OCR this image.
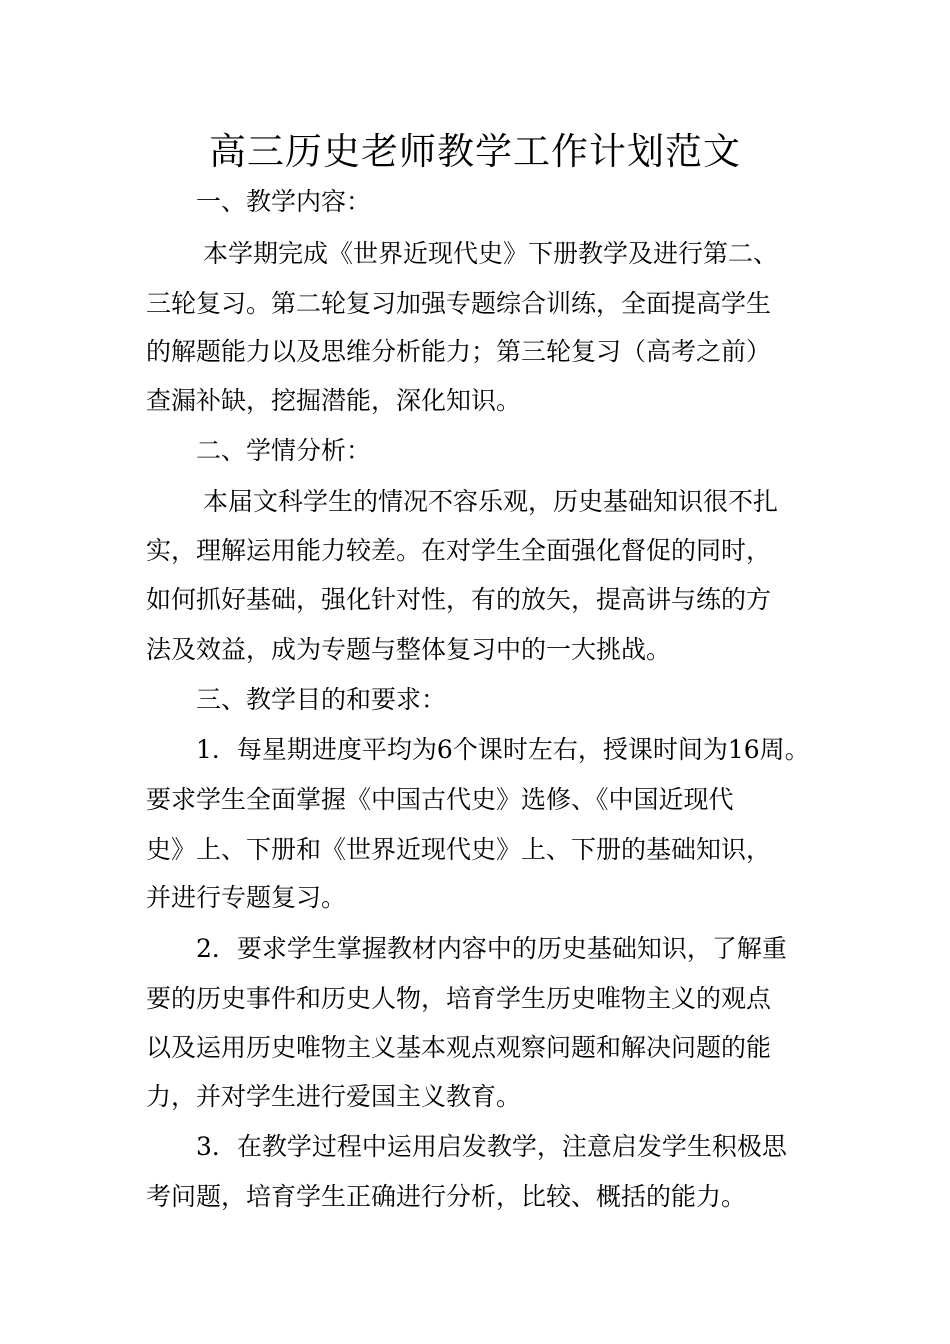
高三历史老师教学工作计划范文

一、教学内容：

本学期完成《世界近现代史》下册教学及进行第二、

三轮复习。第二轮复习加强专题综合训练，全面提高学生

的解题能力以及思维分析能力；第三轮复习（高考之前）

查漏补缺，挖掘潜能，深化知识。

二、学情分析：

本届文科学生的情况不容乐观，历史基础知识很不扎

实，理解运用能力较差。在对学生全面强化督促的同时，

如何抓好基础，强化针对性，有的放矢，提高讲与练的方

法及效益，成为专题与整体复习中的一大挑战。

三、教学目的和要求：

1．每星期进度平均为6个课时左右，授课时间为16周。

要求学生全面掌握《中国古代史》选修、《中国近现代

史》上、下册和《世界近现代史》上、下册的基础知识，

并进行专题复习。

2．要求学生掌握教材内容中的历史基础知识，了解重

要的历史事件和历史人物，培育学生历史唯物主义的观点

以及运用历史唯物主义基本观点观察问题和解决问题的能

力，并对学生进行爱国主义教育。

3．在教学过程中运用启发教学，注意启发学生积极思

考问题，培育学生正确进行分析，比较、概括的能力。
